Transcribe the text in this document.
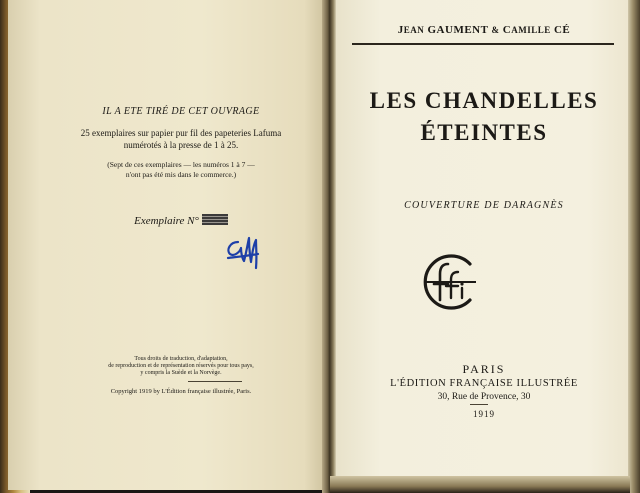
IL A ETE TIRÉ DE CET OUVRAGE
25 exemplaires sur papier pur fil des papeteries Lafuma
numérotés à la presse de 1 à 25.
(Sept de ces exemplaires — les numéros 1 à 7 —
n'ont pas été mis dans le commerce.)
Exemplaire N°
Tous droits de traduction, d'adaptation,
de reproduction et de représentation réservés pour tous pays,
y compris la Suède et la Norvège.
Copyright 1919 by L'Édition française illustrée, Paris.
JEAN GAUMENT & CAMILLE CÉ
LES CHANDELLES
ÉTEINTES
COUVERTURE DE DARAGNÈS
PARIS
L'ÉDITION FRANÇAISE ILLUSTRÉE
30, Rue de Provence, 30
1919
